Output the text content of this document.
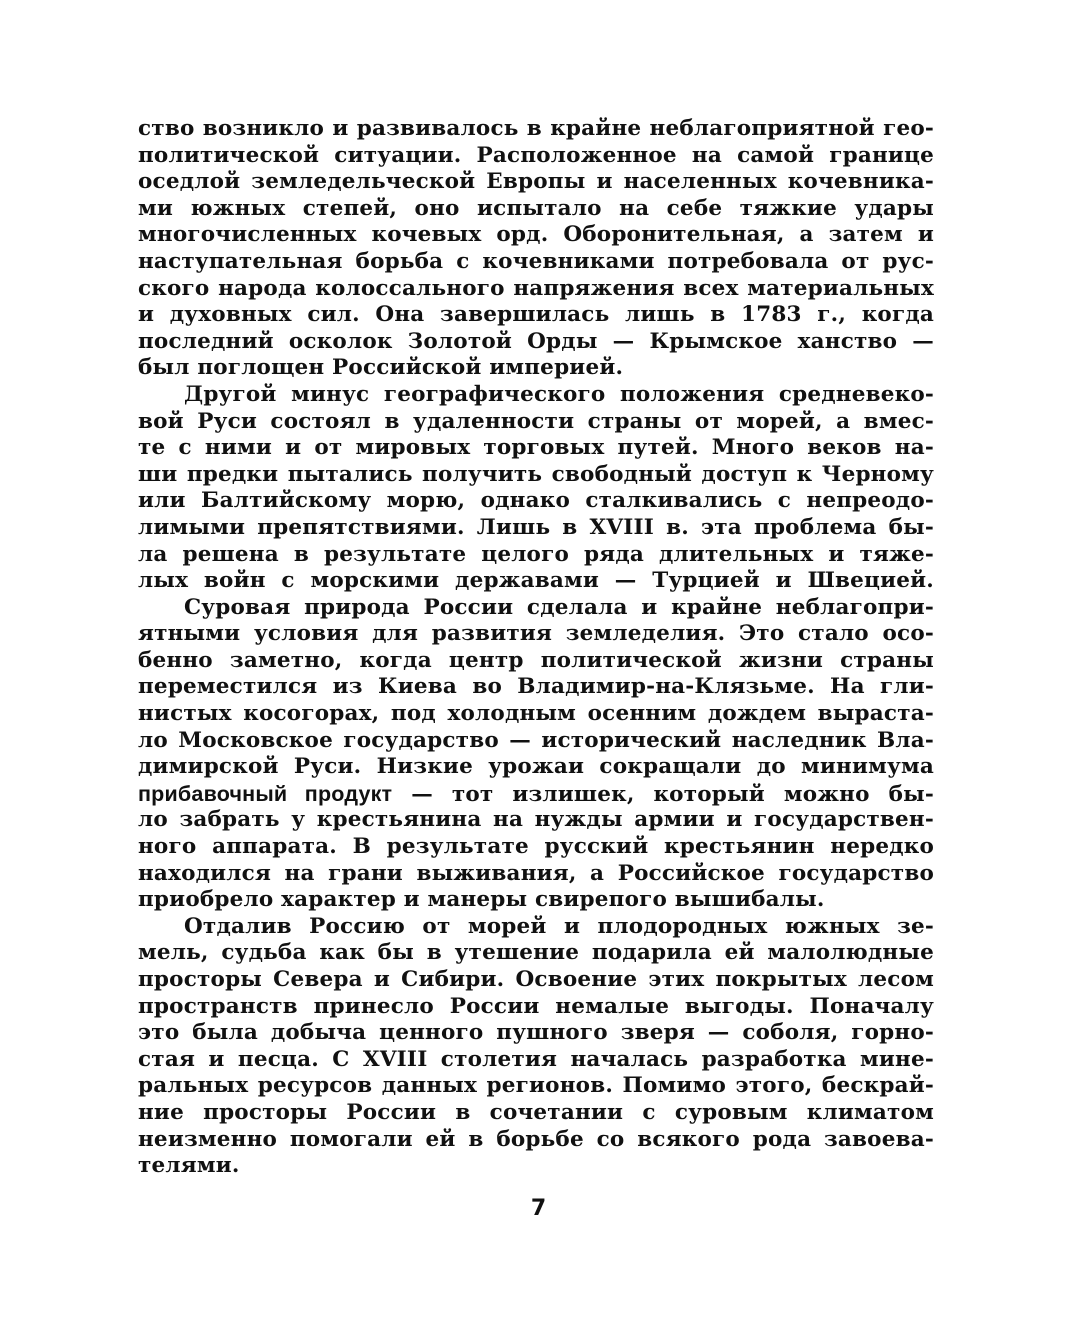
ство возникло и развивалось в крайне неблагоприятной гео-
политической ситуации. Расположенное на самой границе
оседлой земледельческой Европы и населенных кочевника-
ми южных степей, оно испытало на себе тяжкие удары
многочисленных кочевых орд. Оборонительная, а затем и
наступательная борьба с кочевниками потребовала от рус-
ского народа колоссального напряжения всех материальных
и духовных сил. Она завершилась лишь в 1783 г., когда
последний осколок Золотой Орды — Крымское ханство —
был поглощен Российской империей.
Другой минус географического положения средневеко-
вой Руси состоял в удаленности страны от морей, а вмес-
те с ними и от мировых торговых путей. Много веков на-
ши предки пытались получить свободный доступ к Черному
или Балтийскому морю, однако сталкивались с непреодо-
лимыми препятствиями. Лишь в XVIII в. эта проблема бы-
ла решена в результате целого ряда длительных и тяже-
лых войн с морскими державами — Турцией и Швецией.
Суровая природа России сделала и крайне неблагопри-
ятными условия для развития земледелия. Это стало осо-
бенно заметно, когда центр политической жизни страны
переместился из Киева во Владимир-на-Клязьме. На гли-
нистых косогорах, под холодным осенним дождем выраста-
ло Московское государство — исторический наследник Вла-
димирской Руси. Низкие урожаи сокращали до минимума
прибавочный продукт — тот излишек, который можно бы-
ло забрать у крестьянина на нужды армии и государствен-
ного аппарата. В результате русский крестьянин нередко
находился на грани выживания, а Российское государство
приобрело характер и манеры свирепого вышибалы.
Отдалив Россию от морей и плодородных южных зе-
мель, судьба как бы в утешение подарила ей малолюдные
просторы Севера и Сибири. Освоение этих покрытых лесом
пространств принесло России немалые выгоды. Поначалу
это была добыча ценного пушного зверя — соболя, горно-
стая и песца. С XVIII столетия началась разработка мине-
ральных ресурсов данных регионов. Помимо этого, бескрай-
ние просторы России в сочетании с суровым климатом
неизменно помогали ей в борьбе со всякого рода завоева-
телями.
7
